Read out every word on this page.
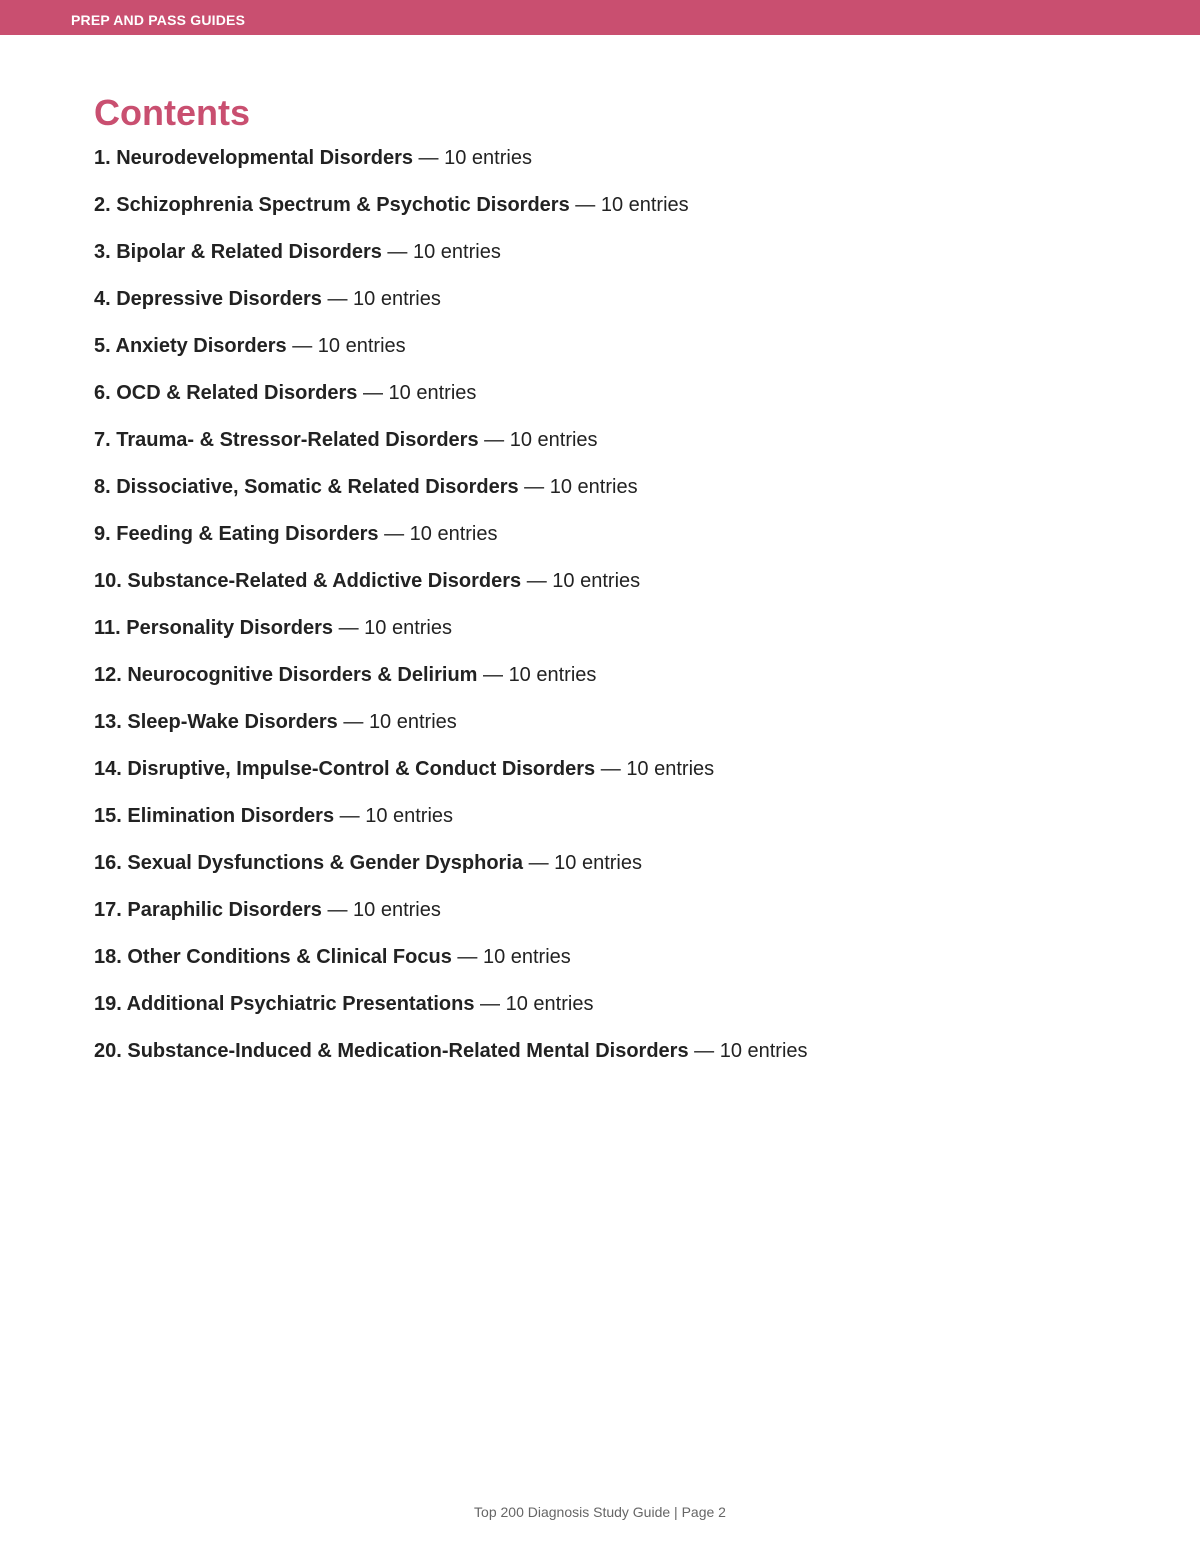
PREP AND PASS GUIDES
Contents
1. Neurodevelopmental Disorders — 10 entries
2. Schizophrenia Spectrum & Psychotic Disorders — 10 entries
3. Bipolar & Related Disorders — 10 entries
4. Depressive Disorders — 10 entries
5. Anxiety Disorders — 10 entries
6. OCD & Related Disorders — 10 entries
7. Trauma- & Stressor-Related Disorders — 10 entries
8. Dissociative, Somatic & Related Disorders — 10 entries
9. Feeding & Eating Disorders — 10 entries
10. Substance-Related & Addictive Disorders — 10 entries
11. Personality Disorders — 10 entries
12. Neurocognitive Disorders & Delirium — 10 entries
13. Sleep-Wake Disorders — 10 entries
14. Disruptive, Impulse-Control & Conduct Disorders — 10 entries
15. Elimination Disorders — 10 entries
16. Sexual Dysfunctions & Gender Dysphoria — 10 entries
17. Paraphilic Disorders — 10 entries
18. Other Conditions & Clinical Focus — 10 entries
19. Additional Psychiatric Presentations — 10 entries
20. Substance-Induced & Medication-Related Mental Disorders — 10 entries
Top 200 Diagnosis Study Guide | Page 2
